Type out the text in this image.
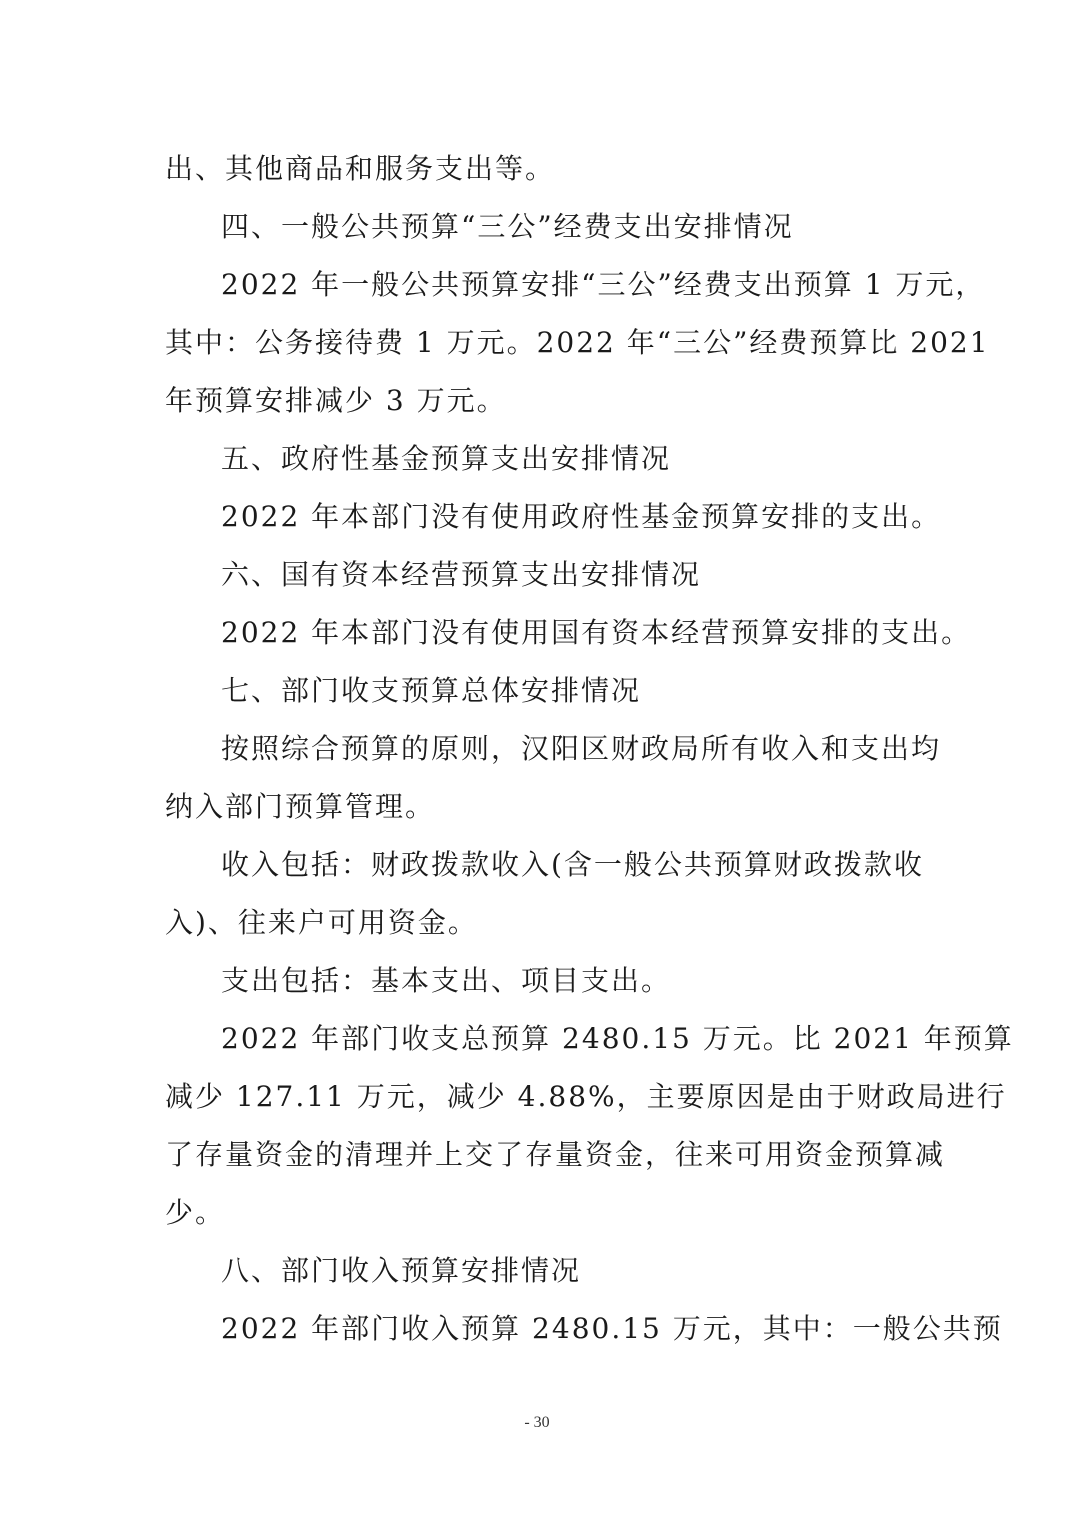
出、其他商品和服务支出等。
四、一般公共预算“三公”经费支出安排情况
2022 年一般公共预算安排“三公”经费支出预算 1 万元，
其中：公务接待费 1 万元。2022 年“三公”经费预算比 2021
年预算安排减少 3 万元。
五、政府性基金预算支出安排情况
2022 年本部门没有使用政府性基金预算安排的支出。
六、国有资本经营预算支出安排情况
2022 年本部门没有使用国有资本经营预算安排的支出。
七、部门收支预算总体安排情况
按照综合预算的原则，汉阳区财政局所有收入和支出均
纳入部门预算管理。
收入包括：财政拨款收入(含一般公共预算财政拨款收
入)、往来户可用资金。
支出包括：基本支出、项目支出。
2022 年部门收支总预算 2480.15 万元。比 2021 年预算
减少 127.11 万元，减少 4.88%，主要原因是由于财政局进行
了存量资金的清理并上交了存量资金，往来可用资金预算减
少。
八、部门收入预算安排情况
2022 年部门收入预算 2480.15 万元，其中：一般公共预
- 30
